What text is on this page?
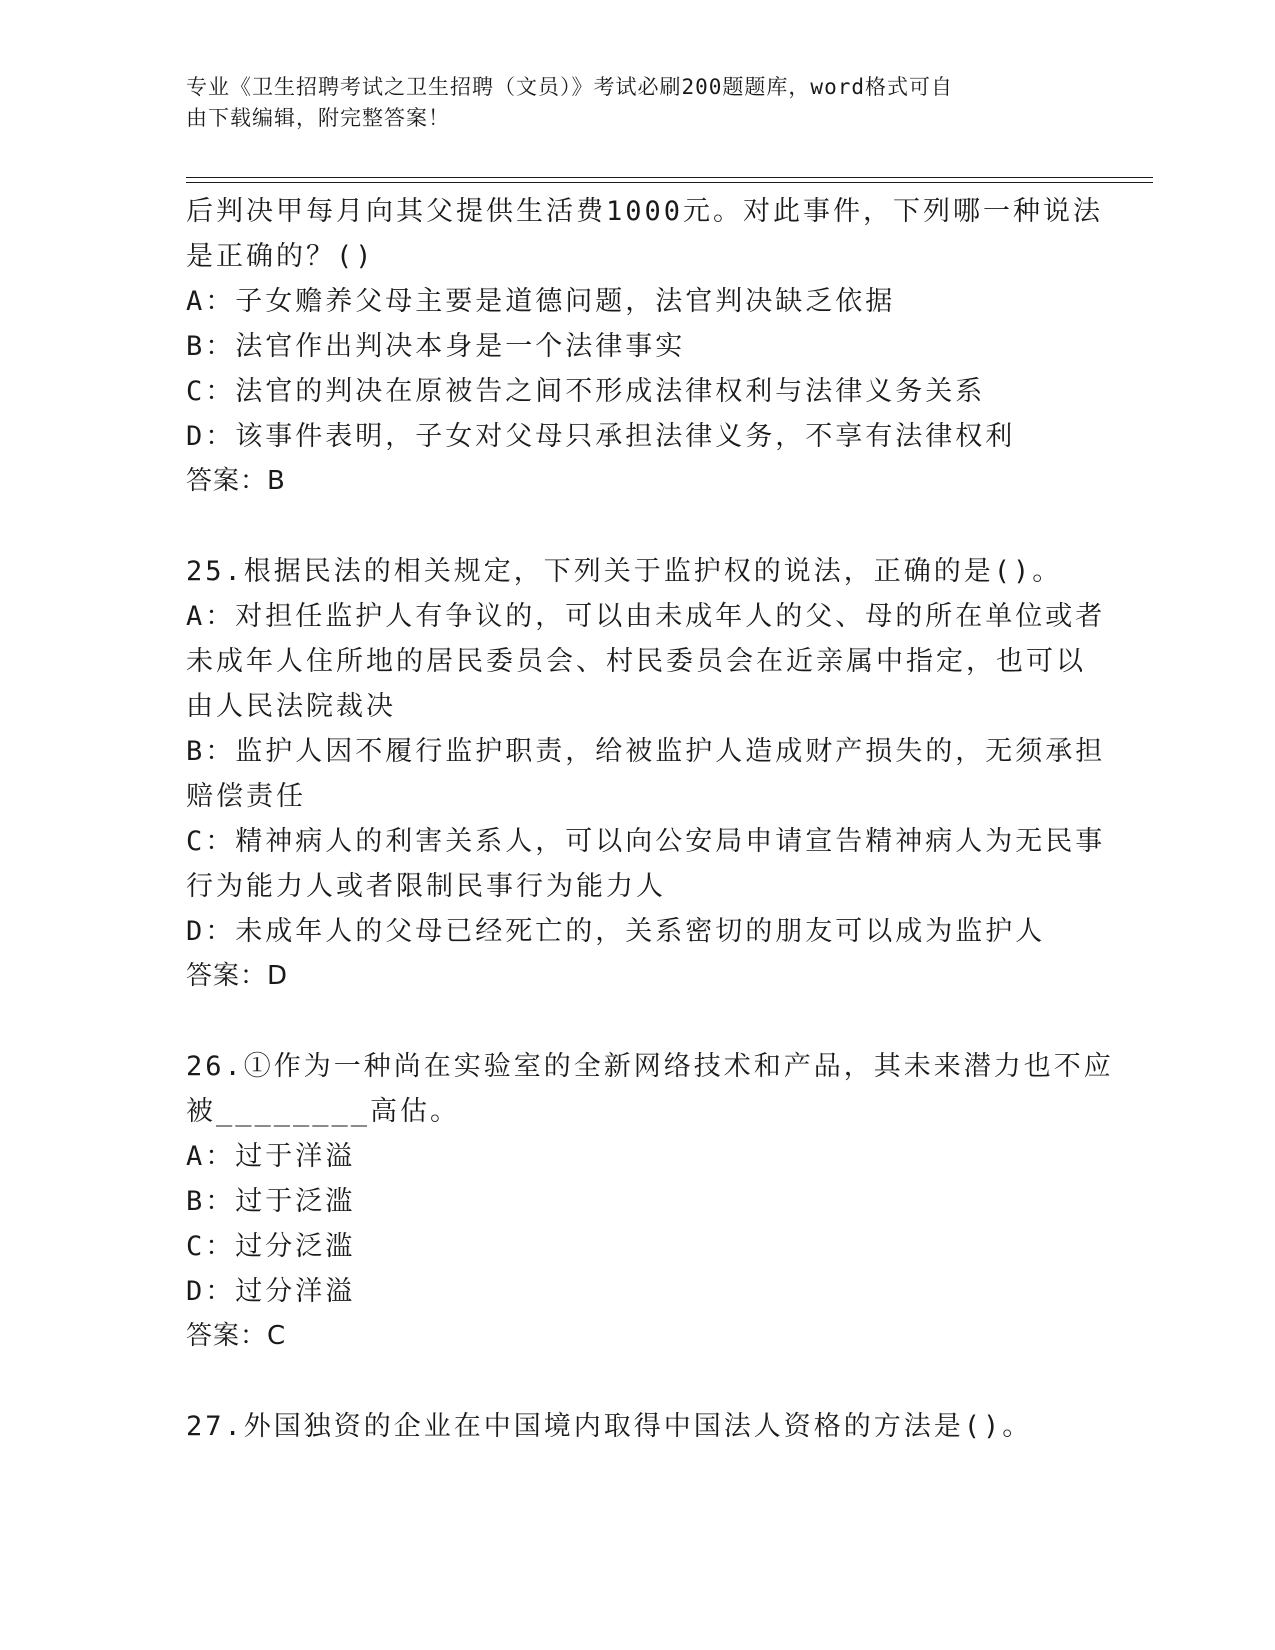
专业《卫生招聘考试之卫生招聘（文员）》考试必刷200题题库，word格式可自

由下载编辑，附完整答案！

后判决甲每月向其父提供生活费1000元。对此事件，下列哪一种说法

是正确的？()

A：子女赡养父母主要是道德问题，法官判决缺乏依据

B：法官作出判决本身是一个法律事实

C：法官的判决在原被告之间不形成法律权利与法律义务关系

D：该事件表明，子女对父母只承担法律义务，不享有法律权利

答案：B

25.根据民法的相关规定，下列关于监护权的说法，正确的是()。

A：对担任监护人有争议的，可以由未成年人的父、母的所在单位或者

未成年人住所地的居民委员会、村民委员会在近亲属中指定，也可以

由人民法院裁决

B：监护人因不履行监护职责，给被监护人造成财产损失的，无须承担

赔偿责任

C：精神病人的利害关系人，可以向公安局申请宣告精神病人为无民事

行为能力人或者限制民事行为能力人

D：未成年人的父母已经死亡的，关系密切的朋友可以成为监护人

答案：D

26.①作为一种尚在实验室的全新网络技术和产品，其未来潜力也不应

被________高估。

A：过于洋溢

B：过于泛滥

C：过分泛滥

D：过分洋溢

答案：C

27.外国独资的企业在中国境内取得中国法人资格的方法是()。
